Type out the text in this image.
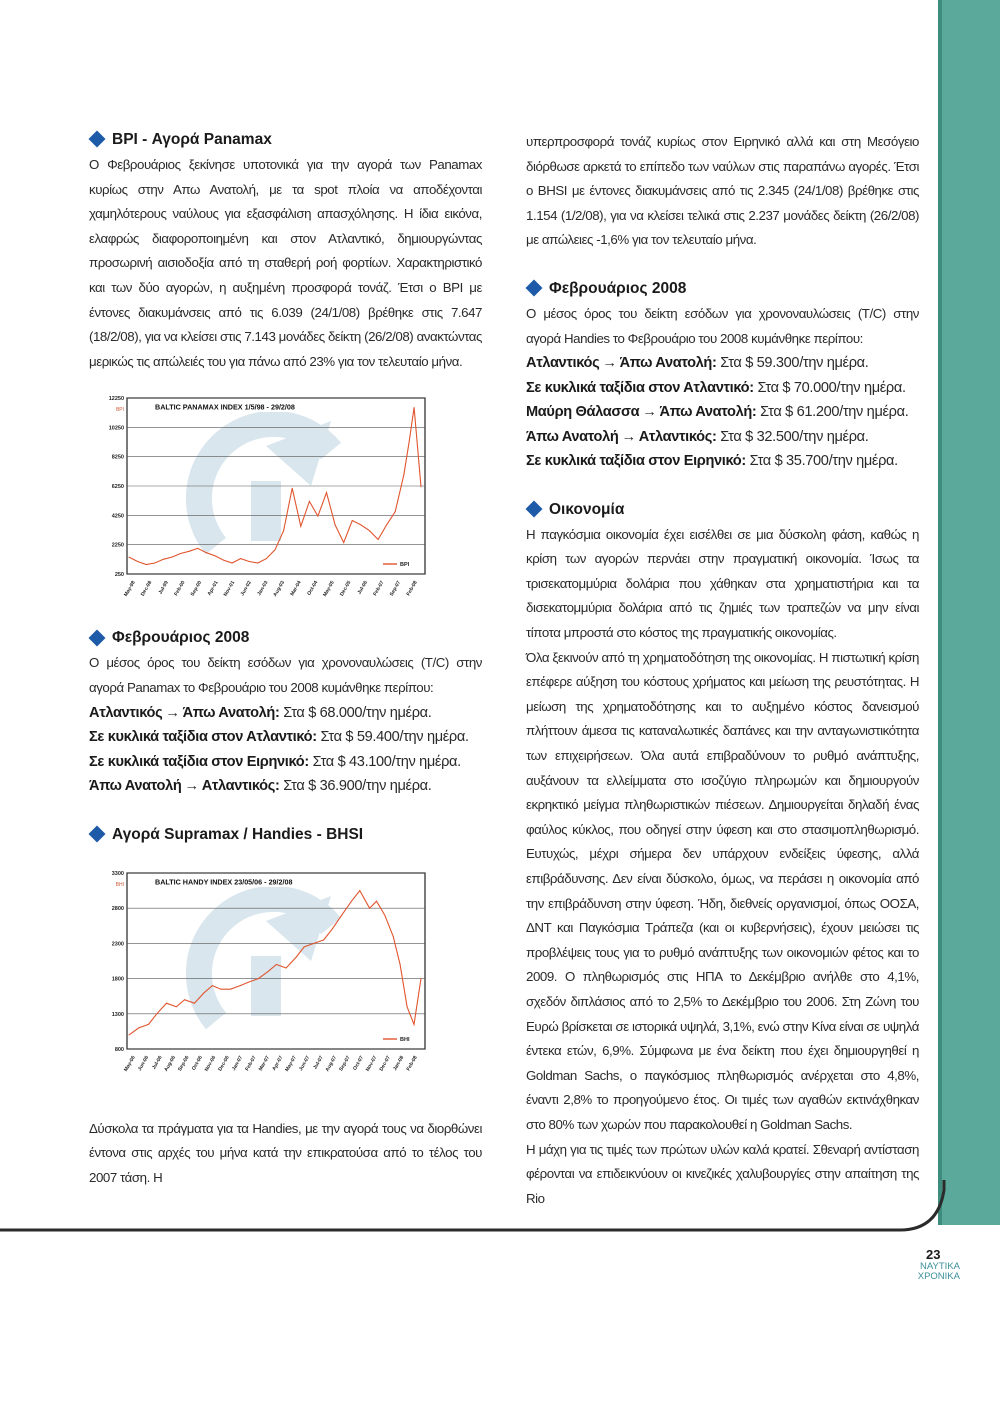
BPI - Αγορά Panamax

Ο Φεβρουάριος ξεκίνησε υποτονικά για την αγορά των Panamax κυρίως στην Απω Ανατολή, με τα spot πλοία να αποδέχονται χαμηλότερους ναύλους για εξασφάλιση απασχόλησης. Η ίδια εικόνα, ελαφρώς διαφοροποιημένη και στον Ατλαντικό, δημιουργώντας προσωρινή αισιοδοξία από τη σταθερή ροή φορτίων. Χαρακτηριστικό και των δύο αγορών, η αυξημένη προσφορά τονάζ. Έτσι ο BPI με έντονες διακυμάνσεις από τις 6.039 (24/1/08) βρέθηκε στις 7.647 (18/2/08), για να κλείσει στις 7.143 μονάδες δείκτη (26/2/08) ανακτώντας μερικώς τις απώλειές του για πάνω από 23% για τον τελευταίο μήνα.

250
2250
4250
6250
8250
10250
12250
BPI	BALTIC PANAMAX INDEX 1/5/98 - 29/2/08
May-98 Dec-98 Jul-99 Feb-00 Sep-00 Apr-01 Nov-01 Jun-02 Jan-03 Aug-03 Mar-04 Oct-04 May-05 Dec-05 Jul-06 Feb-07 Sep-07 Feb-08
BPI
Φεβρουάριος 2008

Ο μέσος όρος του δείκτη εσόδων για χρονοναυλώσεις (T/C) στην αγορά Panamax το Φεβρουάριο του 2008 κυμάνθηκε περίπου:

Ατλαντικός → Άπω Ανατολή: Στα $ 68.000/την ημέρα.

Σε κυκλικά ταξίδια στον Ατλαντικό: Στα $ 59.400/την ημέρα.

Σε κυκλικά ταξίδια στον Ειρηνικό: Στα $ 43.100/την ημέρα.

Άπω Ανατολή → Ατλαντικός: Στα $ 36.900/την ημέρα.

Αγορά Supramax / Handies - BHSI
800
1300
1800
2300
2800
3300
BHI	BALTIC HANDY INDEX 23/05/06 - 29/2/08
May-06 Jun-06 Jul-06 Aug-06 Sep-06 Oct-06 Nov-06 Dec-06 Jan-07 Feb-07 Mar-07 Apr-07 May-07 Jun-07 Jul-07 Aug-07 Sep-07 Oct-07 Nov-07 Dec-07 Jan-08 Feb-08
BHI

Δύσκολα τα πράγματα για τα Handies, με την αγορά τους να διορθώνει έντονα στις αρχές του μήνα κατά την επικρατούσα από το τέλος του 2007 τάση. Η

υπερπροσφορά τονάζ κυρίως στον Ειρηνικό αλλά και στη Μεσόγειο διόρθωσε αρκετά το επίπεδο των ναύλων στις παραπάνω αγορές. Έτσι ο BHSI με έντονες διακυμάνσεις από τις 2.345 (24/1/08) βρέθηκε στις 1.154 (1/2/08), για να κλείσει τελικά στις 2.237 μονάδες δείκτη (26/2/08) με απώλειες -1,6% για τον τελευταίο μήνα.

Φεβρουάριος 2008

Ο μέσος όρος του δείκτη εσόδων για χρονοναυλώσεις (T/C) στην αγορά Handies το Φεβρουάριο του 2008 κυμάνθηκε περίπου:

Ατλαντικός → Άπω Ανατολή: Στα $ 59.300/την ημέρα.

Σε κυκλικά ταξίδια στον Ατλαντικό: Στα $ 70.000/την ημέρα.

Μαύρη Θάλασσα → Άπω Ανατολή: Στα $ 61.200/την ημέρα.

Άπω Ανατολή → Ατλαντικός: Στα $ 32.500/την ημέρα.

Σε κυκλικά ταξίδια στον Ειρηνικό: Στα $ 35.700/την ημέρα.

Οικονομία

Η παγκόσμια οικονομία έχει εισέλθει σε μια δύσκολη φάση, καθώς η κρίση των αγορών περνάει στην πραγματική οικονομία. Ίσως τα τρισεκατομμύρια δολάρια που χάθηκαν στα χρηματιστήρια και τα δισεκατομμύρια δολάρια από τις ζημιές των τραπεζών να μην είναι τίποτα μπροστά στο κόστος της πραγματικής οικονομίας.

Όλα ξεκινούν από τη χρηματοδότηση της οικονομίας. Η πιστωτική κρίση επέφερε αύξηση του κόστους χρήματος και μείωση της ρευστότητας. Η μείωση της χρηματοδότησης και το αυξημένο κόστος δανεισμού πλήττουν άμεσα τις καταναλωτικές δαπάνες και την ανταγωνιστικότητα των επιχειρήσεων. Όλα αυτά επιβραδύνουν το ρυθμό ανάπτυξης, αυξάνουν τα ελλείμματα στο ισοζύγιο πληρωμών και δημιουργούν εκρηκτικό μείγμα πληθωριστικών πιέσεων. Δημιουργείται δηλαδή ένας φαύλος κύκλος, που οδηγεί στην ύφεση και στο στασιμοπληθωρισμό. Ευτυχώς, μέχρι σήμερα δεν υπάρχουν ενδείξεις ύφεσης, αλλά επιβράδυνσης. Δεν είναι δύσκολο, όμως, να περάσει η οικονομία από την επιβράδυνση στην ύφεση. Ήδη, διεθνείς οργανισμοί, όπως ΟΟΣΑ, ΔΝΤ και Παγκόσμια Τράπεζα (και οι κυβερνήσεις), έχουν μειώσει τις προβλέψεις τους για το ρυθμό ανάπτυξης των οικονομιών φέτος και το 2009. Ο πληθωρισμός στις ΗΠΑ το Δεκέμβριο ανήλθε στο 4,1%, σχεδόν διπλάσιος από το 2,5% το Δεκέμβριο του 2006. Στη Ζώνη του Ευρώ βρίσκεται σε ιστορικά υψηλά, 3,1%, ενώ στην Κίνα είναι σε υψηλά έντεκα ετών, 6,9%. Σύμφωνα με ένα δείκτη που έχει δημιουργηθεί η Goldman Sachs, ο παγκόσμιος πληθωρισμός ανέρχεται στο 4,8%, έναντι 2,8% το προηγούμενο έτος. Οι τιμές των αγαθών εκτινάχθηκαν στο 80% των χωρών που παρακολουθεί η Goldman Sachs.

Η μάχη για τις τιμές των πρώτων υλών καλά κρατεί. Σθεναρή αντίσταση φέρονται να επιδεικνύουν οι κινεζικές χαλυβουργίες στην απαίτηση της Rio

23
ΝΑΥΤΙΚΑ
ΧΡΟΝΙΚΑ
